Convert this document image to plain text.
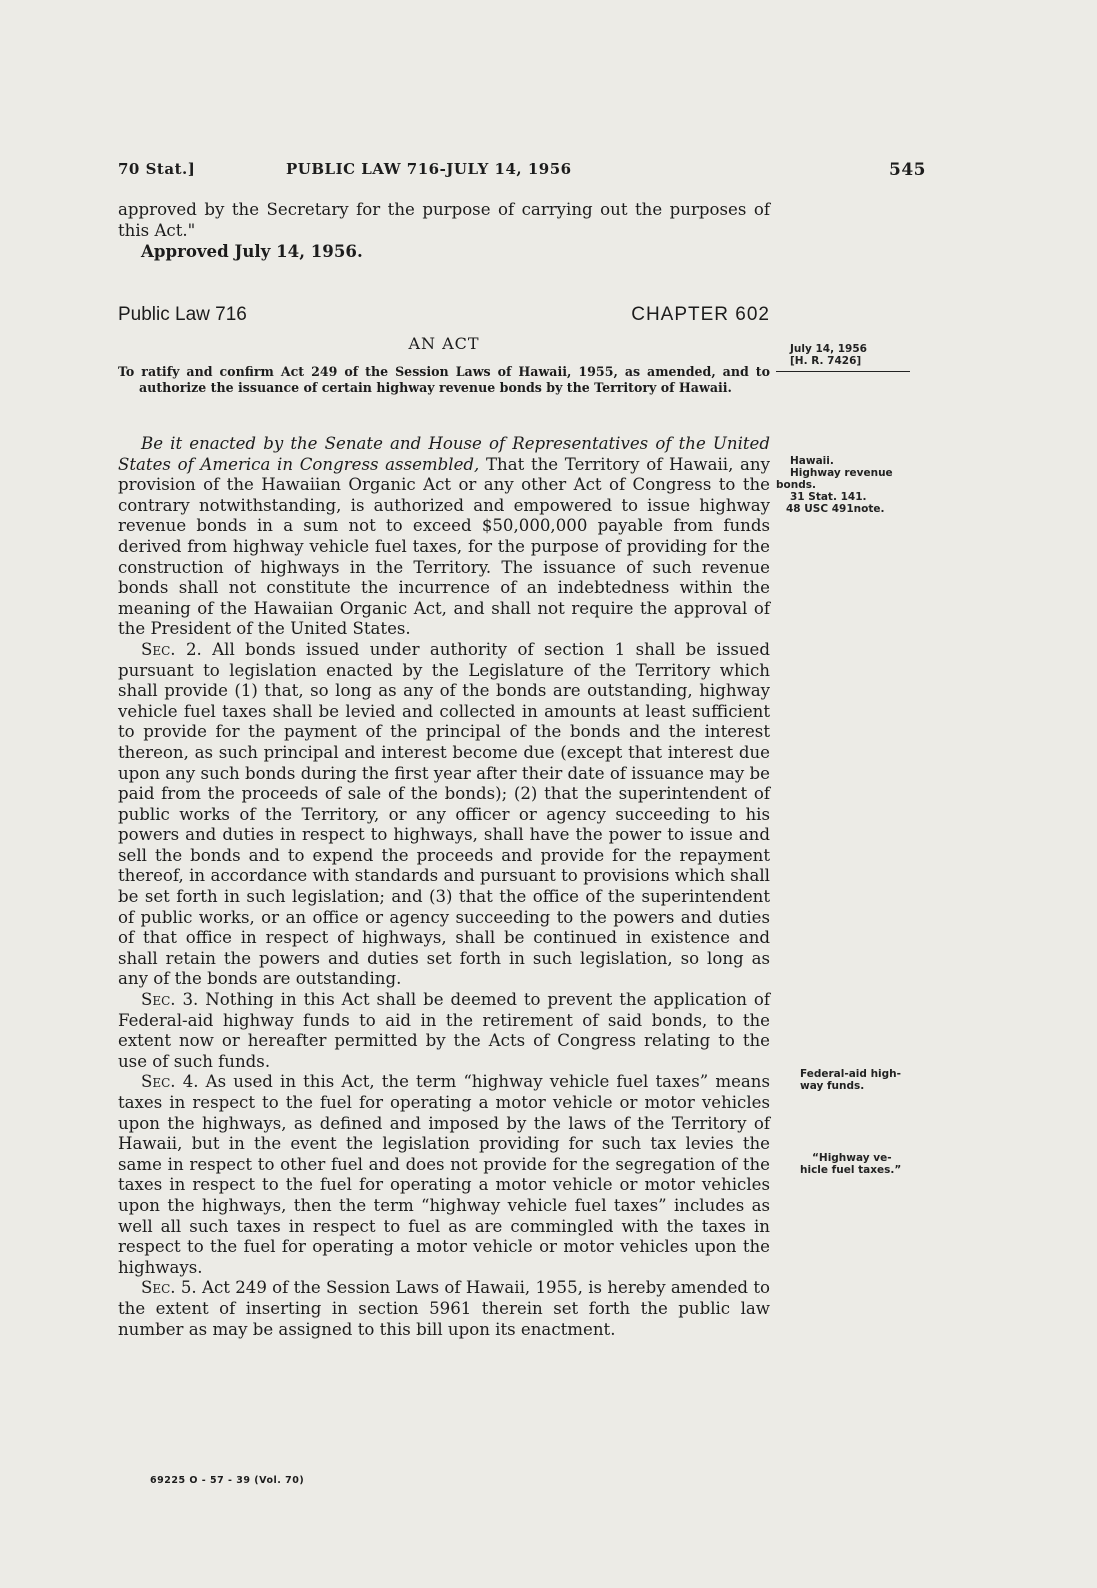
70 Stat.]	PUBLIC LAW 716-JULY 14, 1956	545
approved by the Secretary for the purpose of carrying out the purposes of this Act."
Approved July 14, 1956.
Public Law 716	CHAPTER 602
AN ACT
To ratify and confirm Act 249 of the Session Laws of Hawaii, 1955, as amended, and to authorize the issuance of certain highway revenue bonds by the Territory of Hawaii.

Be it enacted by the Senate and House of Representatives of the United States of America in Congress assembled, That the Territory of Hawaii, any provision of the Hawaiian Organic Act or any other Act of Congress to the contrary notwithstanding, is authorized and empowered to issue highway revenue bonds in a sum not to exceed $50,000,000 payable from funds derived from highway vehicle fuel taxes, for the purpose of providing for the construction of highways in the Territory. The issuance of such revenue bonds shall not constitute the incurrence of an indebtedness within the meaning of the Hawaiian Organic Act, and shall not require the approval of the President of the United States.

Sec. 2. All bonds issued under authority of section 1 shall be issued pursuant to legislation enacted by the Legislature of the Territory which shall provide (1) that, so long as any of the bonds are outstanding, highway vehicle fuel taxes shall be levied and collected in amounts at least sufficient to provide for the payment of the principal of the bonds and the interest thereon, as such principal and interest become due (except that interest due upon any such bonds during the first year after their date of issuance may be paid from the proceeds of sale of the bonds); (2) that the superintendent of public works of the Territory, or any officer or agency succeeding to his powers and duties in respect to highways, shall have the power to issue and sell the bonds and to expend the proceeds and provide for the repayment thereof, in accordance with standards and pursuant to provisions which shall be set forth in such legislation; and (3) that the office of the superintendent of public works, or an office or agency succeeding to the powers and duties of that office in respect of highways, shall be continued in existence and shall retain the powers and duties set forth in such legislation, so long as any of the bonds are outstanding.

Sec. 3. Nothing in this Act shall be deemed to prevent the application of Federal-aid highway funds to aid in the retirement of said bonds, to the extent now or hereafter permitted by the Acts of Congress relating to the use of such funds.

Sec. 4. As used in this Act, the term “highway vehicle fuel taxes” means taxes in respect to the fuel for operating a motor vehicle or motor vehicles upon the highways, as defined and imposed by the laws of the Territory of Hawaii, but in the event the legislation providing for such tax levies the same in respect to other fuel and does not provide for the segregation of the taxes in respect to the fuel for operating a motor vehicle or motor vehicles upon the highways, then the term “highway vehicle fuel taxes” includes as well all such taxes in respect to fuel as are commingled with the taxes in respect to the fuel for operating a motor vehicle or motor vehicles upon the highways.

Sec. 5. Act 249 of the Session Laws of Hawaii, 1955, is hereby amended to the extent of inserting in section 5961 therein set forth the public law number as may be assigned to this bill upon its enactment.

July 14, 1956
[H. R. 7426]
Hawaii.
Highway revenue
bonds.
31 Stat. 141.
48 USC 491note.
Federal-aid high-
way funds.
“Highway ve-
hicle fuel taxes.”
69225 O - 57 - 39 (Vol. 70)
